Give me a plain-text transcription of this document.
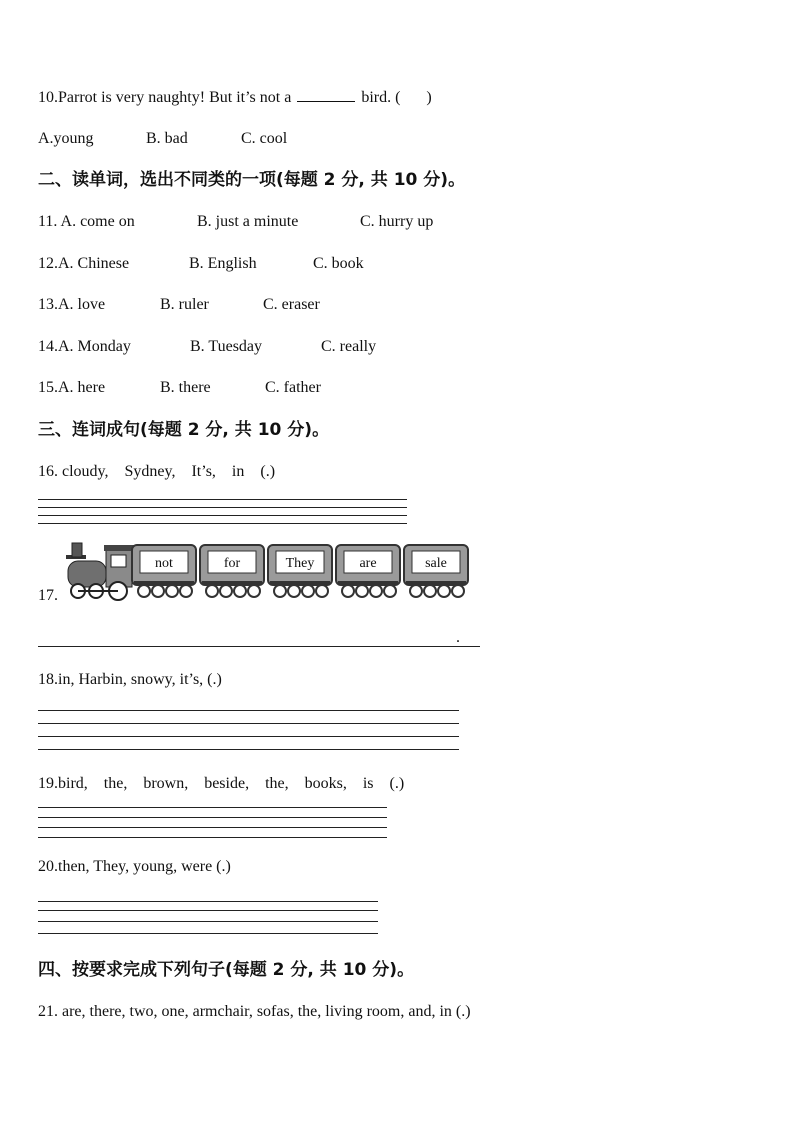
10.Parrot is very naughty! But it’s not a	bird. ( )
A.young	B. bad	C. cool
二、读单词，选出不同类的一项(每题 2 分, 共 10 分)。
11. A. come on	B. just a minute	C. hurry up
12.A. Chinese	B. English	C. book
13.A. love	B. ruler	C. eraser
14.A. Monday	B. Tuesday	C. really
15.A. here	B. there	C. father
三、连词成句(每题 2 分, 共 10 分)。
16. cloudy,    Sydney,    It’s,    in    (.)
17.
not	for	They	are	sale
.
18.in, Harbin, snowy, it’s, (.)
19.bird,    the,    brown,    beside,    the,    books,    is    (.)
20.then, They, young, were (.)
四、按要求完成下列句子(每题 2 分, 共 10 分)。
21. are, there, two, one, armchair, sofas, the, living room, and, in (.)
